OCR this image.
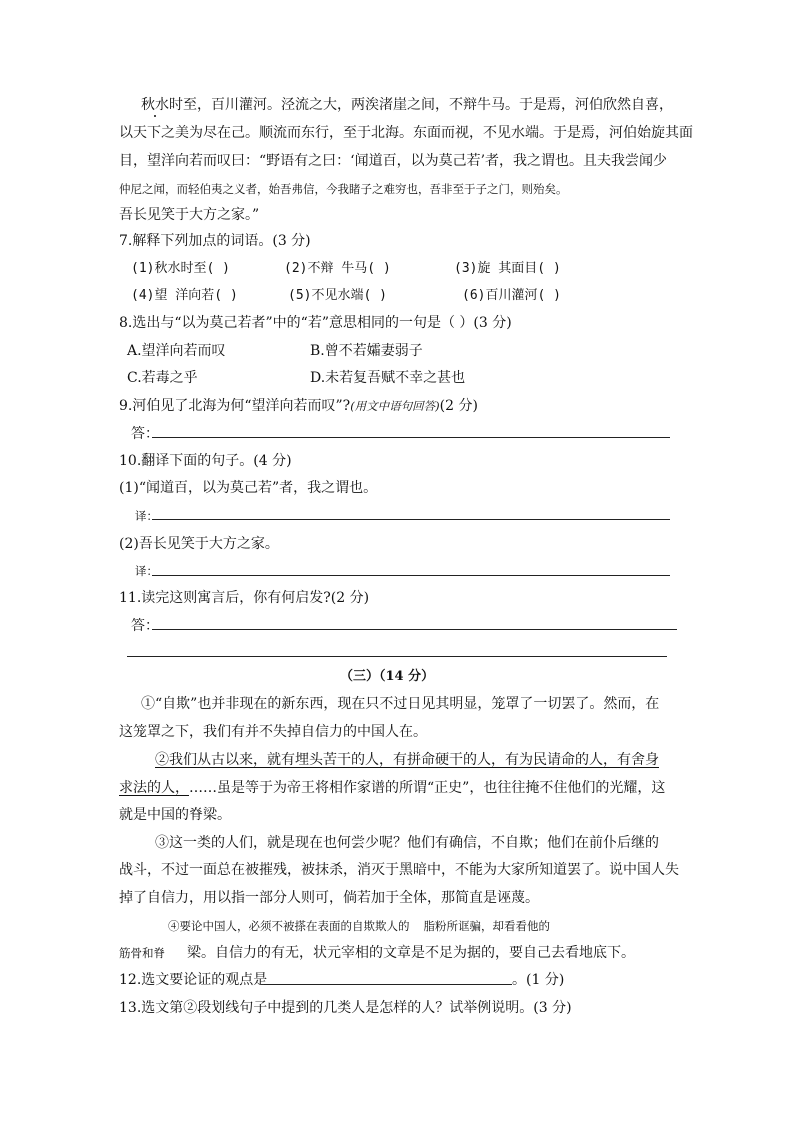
秋水时至，百川灌河。泾流之大，两涘渚崖之间，不辩牛马。于是焉，河伯欣然自喜，
以天下之美为尽在己。顺流而东行，至于北海。东面而视，不见水端。于是焉，河伯始旋其面
目，望洋向若而叹曰：“野语有之曰：‘闻道百，以为莫己若’者，我之谓也。且夫我尝闻少
仲尼之闻，而轻伯夷之义者，始吾弗信，今我睹子之难穷也，吾非至于子之门，则殆矣。
吾长见笑于大方之家。”
7.解释下列加点的词语。(3 分)
(1)秋水时至( )	(2)不辩 牛马( )	(3)旋 其面目( )
(4)望 洋向若( )	(5)不见水端( )	(6)百川灌河( )
8.选出与“以为莫己若者”中的“若”意思相同的一句是（ ）(3 分)
A.望洋向若而叹	B.曾不若孀妻弱子
C.若毒之乎	D.未若复吾赋不幸之甚也
9.河伯见了北海为何“望洋向若而叹”?(用文中语句回答)(2 分)
答：
10.翻译下面的句子。(4 分)
(1)“闻道百，以为莫己若”者，我之谓也。
译：
(2)吾长见笑于大方之家。
译：
11.读完这则寓言后，你有何启发?(2 分)
答：
（三）（14 分）
①“自欺”也并非现在的新东西，现在只不过日见其明显，笼罩了一切罢了。然而，在
这笼罩之下，我们有并不失掉自信力的中国人在。
②我们从古以来，就有埋头苦干的人，有拼命硬干的人，有为民请命的人，有舍身
求法的人，……虽是等于为帝王将相作家谱的所谓“正史”，也往往掩不住他们的光耀，这
就是中国的脊梁。
③这一类的人们，就是现在也何尝少呢？他们有确信，不自欺；他们在前仆后继的
战斗，不过一面总在被摧残，被抹杀，消灭于黑暗中，不能为大家所知道罢了。说中国人失
掉了自信力，用以指一部分人则可，倘若加于全体，那简直是诬蔑。
④要论中国人，必须不被搽在表面的自欺欺人的 脂粉所诓骗，却看看他的
筋骨和脊 梁。自信力的有无，状元宰相的文章是不足为据的，要自己去看地底下。
12.选文要论证的观点是	。(1 分)
13.选文第②段划线句子中提到的几类人是怎样的人？试举例说明。(3 分)
